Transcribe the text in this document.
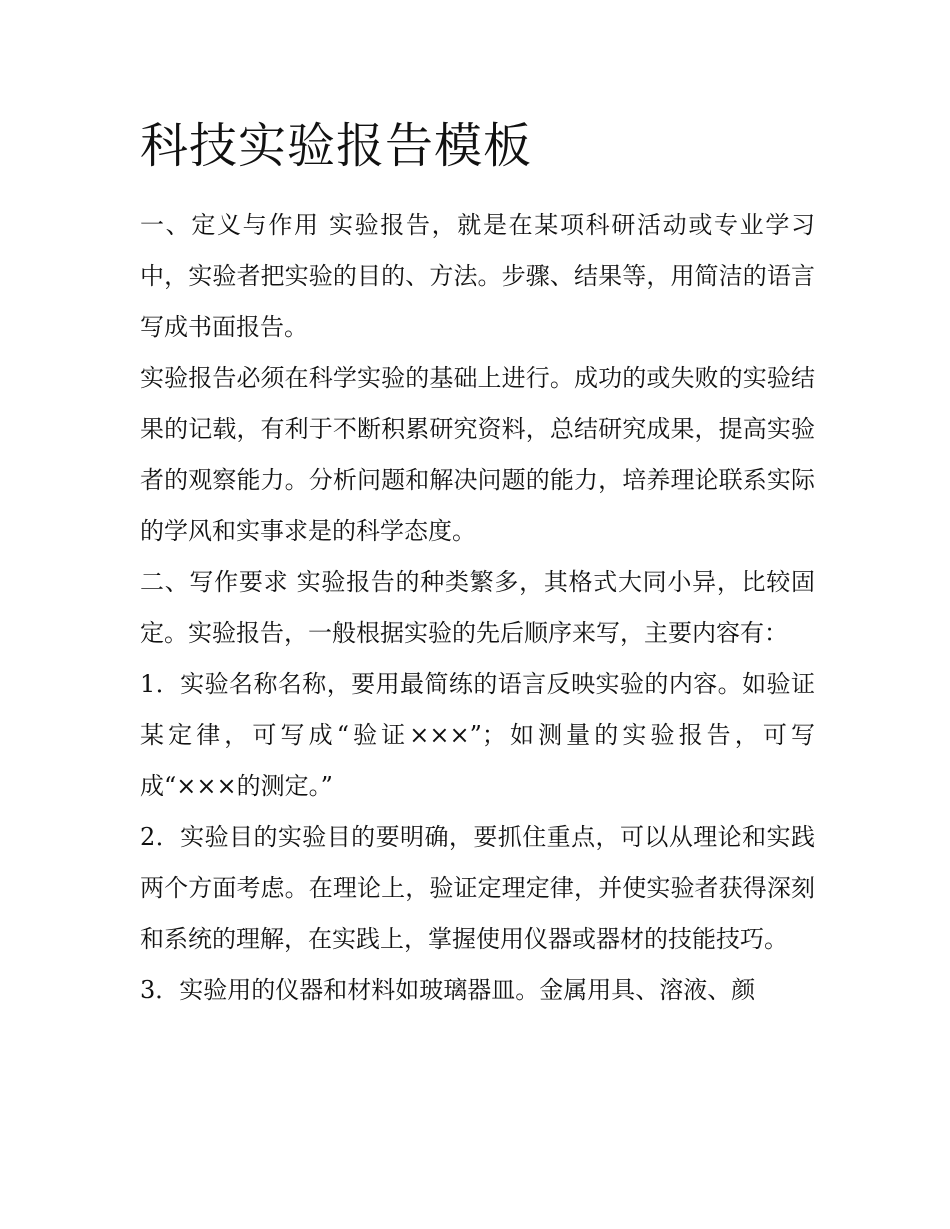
科技实验报告模板

一、定义与作用 实验报告，就是在某项科研活动或专业学习中，实验者把实验的目的、方法。步骤、结果等，用简洁的语言写成书面报告。

实验报告必须在科学实验的基础上进行。成功的或失败的实验结果的记载，有利于不断积累研究资料，总结研究成果，提高实验者的观察能力。分析问题和解决问题的能力，培养理论联系实际的学风和实事求是的科学态度。

二、写作要求 实验报告的种类繁多，其格式大同小异，比较固定。实验报告，一般根据实验的先后顺序来写，主要内容有：

1．实验名称名称，要用最简练的语言反映实验的内容。如验证某定律，可写成“验证×××”；如测量的实验报告，可写成“×××的测定。”

2．实验目的实验目的要明确，要抓住重点，可以从理论和实践两个方面考虑。在理论上，验证定理定律，并使实验者获得深刻和系统的理解，在实践上，掌握使用仪器或器材的技能技巧。

3．实验用的仪器和材料如玻璃器皿。金属用具、溶液、颜
